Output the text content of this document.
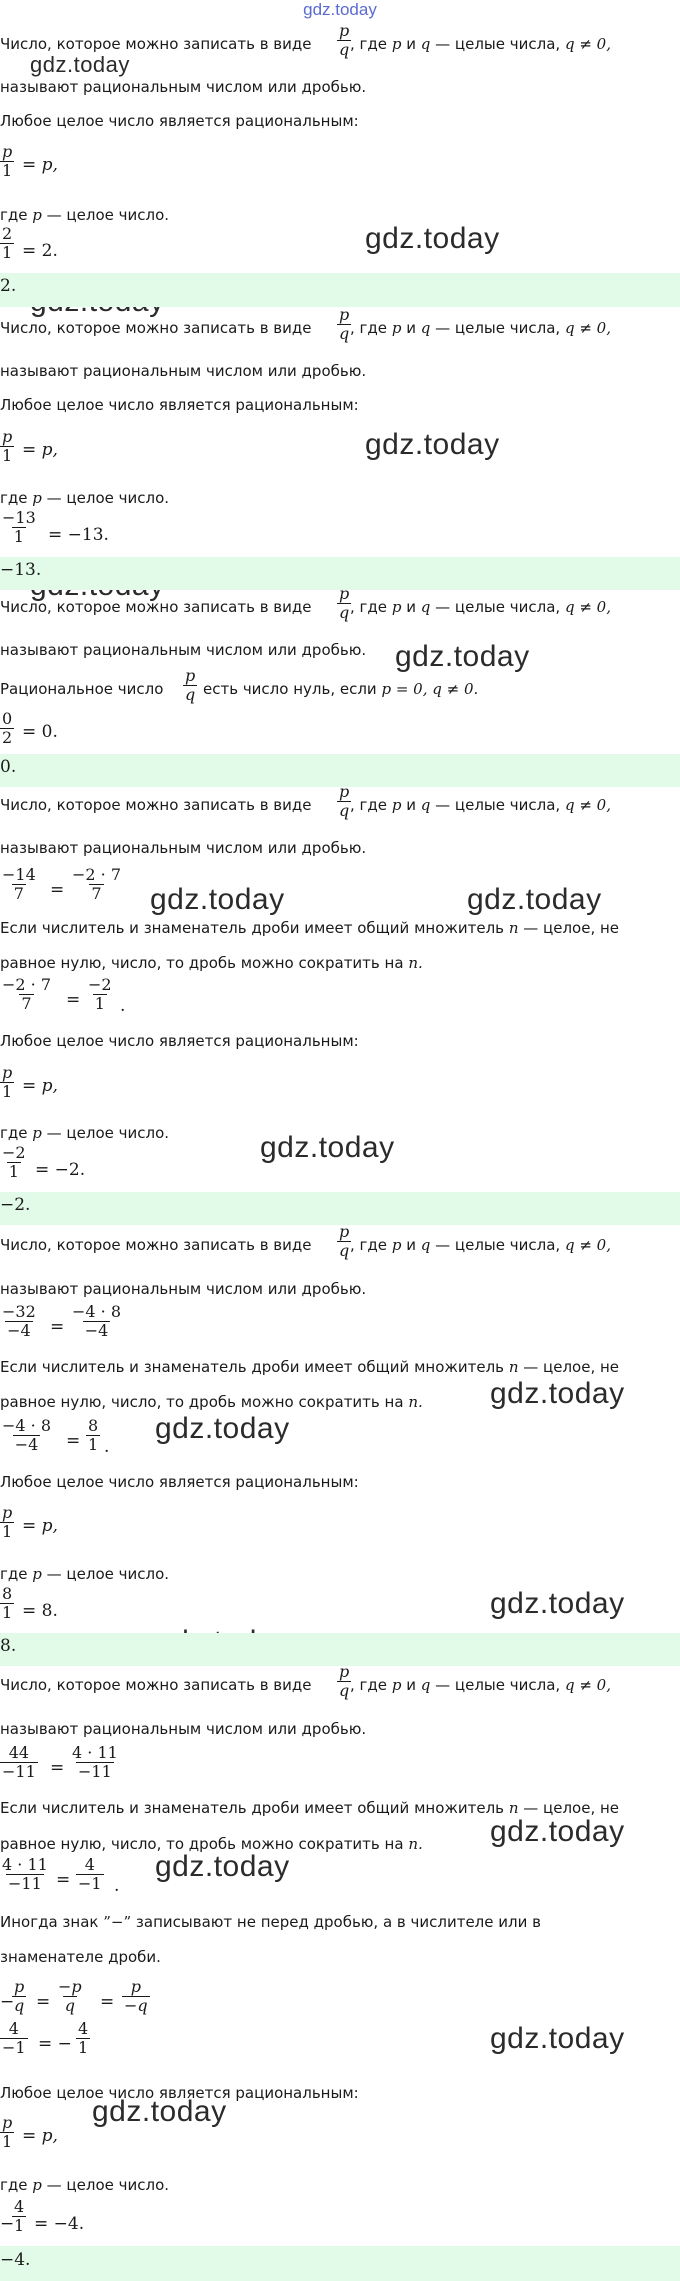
gdz.today
gdz.today
gdz.today
gdz.today
gdz.today
gdz.today	gdz.today
gdz.today
gdz.today
gdz.today
gdz.today
gdz.today
gdz.today
gdz.today
gdz.today
Число, которое можно записать в виде $\frac{p}{q}$
, где p и q — целые числа, q ≠ 0,
называют рациональным числом или дробью.
Любое целое число является рациональным:
$\frac{p}{1} = p$,
где p — целое число.
$\frac{2}{1} = 2$.
2.
Число, которое можно записать в виде $\frac{p}{q}$
, где p и q — целые числа, q ≠ 0,
называют рациональным числом или дробью.
Любое целое число является рациональным:
$\frac{p}{1} = p$,
где p — целое число.
$\frac{-13}{1} = -13$.
−13.
Число, которое можно записать в виде $\frac{p}{q}$
, где p и q — целые числа, q ≠ 0,
называют рациональным числом или дробью.
Рациональное число $\frac{p}{q}$ есть число нуль, если p = 0, q ≠ 0.
$\frac{0}{2} = 0$.
0.
Число, которое можно записать в виде $\frac{p}{q}$
, где p и q — целые числа, q ≠ 0,
называют рациональным числом или дробью.
$\frac{-14}{7} = \frac{-2 \cdot 7}{7}$
Если числитель и знаменатель дроби имеет общий множитель n — целое, не
равное нулю, число, то дробь можно сократить на n.
$\frac{-2 \cdot 7}{7} = \frac{-2}{1}$ .
Любое целое число является рациональным:
$\frac{p}{1} = p$,
где p — целое число.
$\frac{-2}{1} = -2$.
−2.
Число, которое можно записать в виде $\frac{p}{q}$
, где p и q — целые числа, q ≠ 0,
называют рациональным числом или дробью.
$\frac{-32}{-4} = \frac{-4 \cdot 8}{-4}$
Если числитель и знаменатель дроби имеет общий множитель n — целое, не
равное нулю, число, то дробь можно сократить на n.
$\frac{-4 \cdot 8}{-4} = \frac{8}{1}$ .
Любое целое число является рациональным:
$\frac{p}{1} = p$,
где p — целое число.
$\frac{8}{1} = 8$.
8.
Число, которое можно записать в виде $\frac{p}{q}$
, где p и q — целые числа, q ≠ 0,
называют рациональным числом или дробью.
$\frac{44}{-11} = \frac{4 \cdot 11}{-11}$
Если числитель и знаменатель дроби имеет общий множитель n — целое, не
равное нулю, число, то дробь можно сократить на n.
$\frac{4 \cdot 11}{-11} = \frac{4}{-1}$ .
Иногда знак ”−” записывают не перед дробью, а в числителе или в
знаменателе дроби.
−
$\frac{p}{q} = \frac{-p}{q} = \frac{p}{-q}$
$\frac{4}{-1}$ = − $\frac{4}{1}$
Любое целое число является рациональным:
$\frac{p}{1} = p$,
где p — целое число.
−
$\frac{4}{1} = -4$.
−4.
